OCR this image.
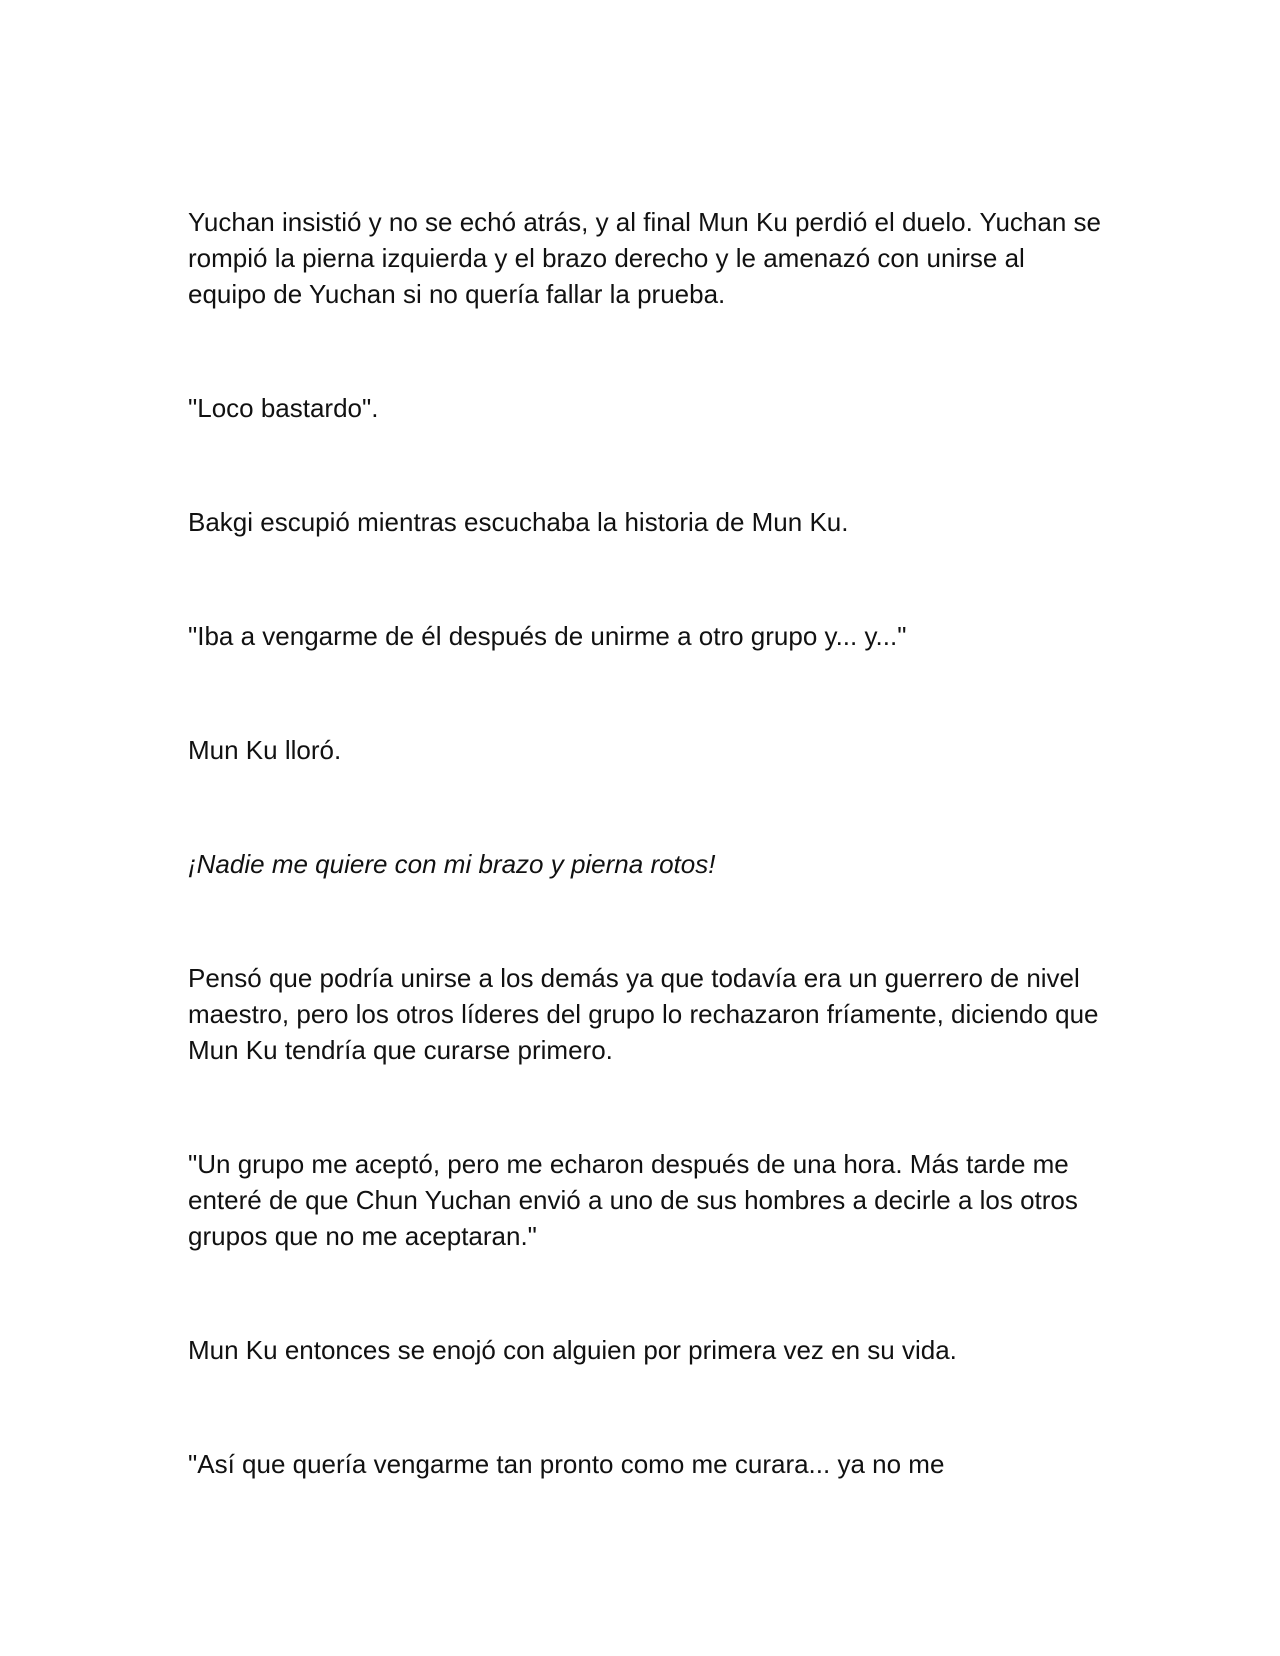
Yuchan insistió y no se echó atrás, y al final Mun Ku perdió el duelo. Yuchan se rompió la pierna izquierda y el brazo derecho y le amenazó con unirse al equipo de Yuchan si no quería fallar la prueba.

"Loco bastardo".

Bakgi escupió mientras escuchaba la historia de Mun Ku.

"Iba a vengarme de él después de unirme a otro grupo y... y..."

Mun Ku lloró.

¡Nadie me quiere con mi brazo y pierna rotos!

Pensó que podría unirse a los demás ya que todavía era un guerrero de nivel maestro, pero los otros líderes del grupo lo rechazaron fríamente, diciendo que Mun Ku tendría que curarse primero.

"Un grupo me aceptó, pero me echaron después de una hora. Más tarde me enteré de que Chun Yuchan envió a uno de sus hombres a decirle a los otros grupos que no me aceptaran."

Mun Ku entonces se enojó con alguien por primera vez en su vida.

"Así que quería vengarme tan pronto como me curara... ya no me
